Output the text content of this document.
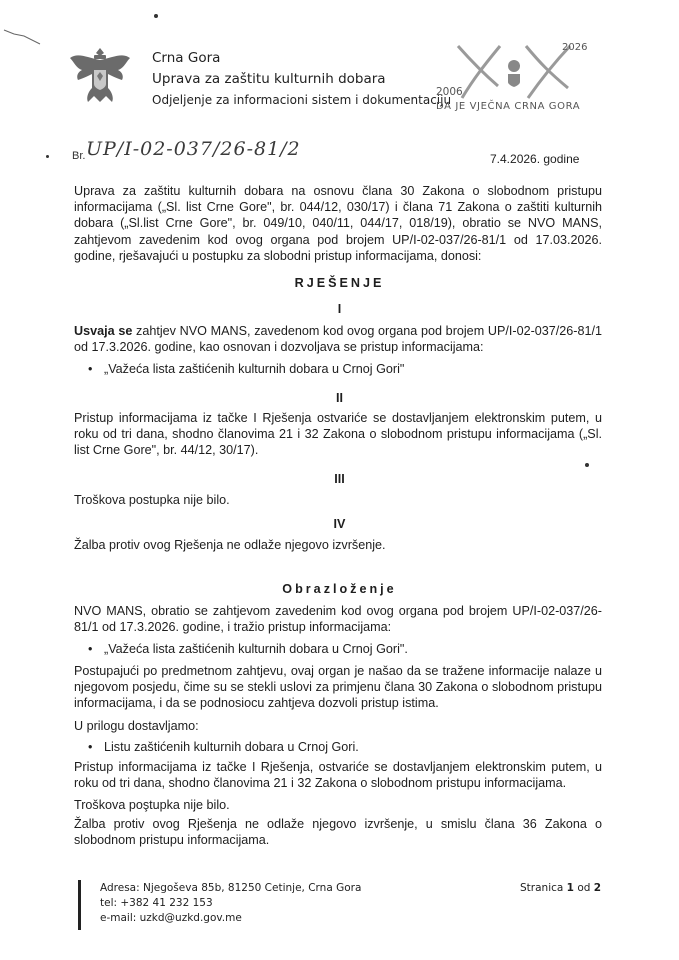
Crna Gora
Uprava za zaštitu kulturnih dobara
Odjeljenje za informacioni sistem i dokumentaciju
2026
2006
DA JE VJEČNA CRNA GORA
Br. UP/I-02-037/26-81/2	7.4.2026. godine
Uprava za zaštitu kulturnih dobara na osnovu člana 30 Zakona o slobodnom pristupu informacijama („Sl. list Crne Gore", br. 044/12, 030/17) i člana 71 Zakona o zaštiti kulturnih dobara („Sl.list Crne Gore", br. 049/10, 040/11, 044/17, 018/19), obratio se NVO MANS, zahtjevom zavedenim kod ovog organa pod brojem UP/I-02-037/26-81/1 od 17.03.2026. godine, rješavajući u postupku za slobodni pristup informacijama, donosi:
RJEŠENJE
I
Usvaja se zahtjev NVO MANS, zavedenom kod ovog organa pod brojem UP/I-02-037/26-81/1 od 17.3.2026. godine, kao osnovan i dozvoljava se pristup informacijama:
• „Važeća lista zaštićenih kulturnih dobara u Crnoj Gori"
II
Pristup informacijama iz tačke I Rješenja ostvariće se dostavljanjem elektronskim putem, u roku od tri dana, shodno članovima 21 i 32 Zakona o slobodnom pristupu informacijama („Sl. list Crne Gore", br. 44/12, 30/17).
III
Troškova postupka nije bilo.
IV
Žalba protiv ovog Rješenja ne odlaže njegovo izvršenje.
Obrazloženje
NVO MANS, obratio se zahtjevom zavedenim kod ovog organa pod brojem UP/I-02-037/26-81/1 od 17.3.2026. godine, i tražio pristup informacijama:
• „Važeća lista zaštićenih kulturnih dobara u Crnoj Gori".
Postupajući po predmetnom zahtjevu, ovaj organ je našao da se tražene informacije nalaze u njegovom posjedu, čime su se stekli uslovi za primjenu člana 30 Zakona o slobodnom pristupu informacijama, i da se podnosiocu zahtjeva dozvoli pristup istima.
U prilogu dostavljamo:
• Listu zaštićenih kulturnih dobara u Crnoj Gori.
Pristup informacijama iz tačke I Rješenja, ostvariće se dostavljanjem elektronskim putem, u roku od tri dana, shodno članovima 21 i 32 Zakona o slobodnom pristupu informacijama.
Troškova poştupka nije bilo.
Žalba protiv ovog Rješenja ne odlaže njegovo izvršenje, u smislu člana 36 Zakona o slobodnom pristupu informacijama.
Adresa: Njegoševa 85b, 81250 Cetinje, Crna Gora
tel: +382 41 232 153
e-mail: uzkd@uzkd.gov.me
Stranica 1 od 2
